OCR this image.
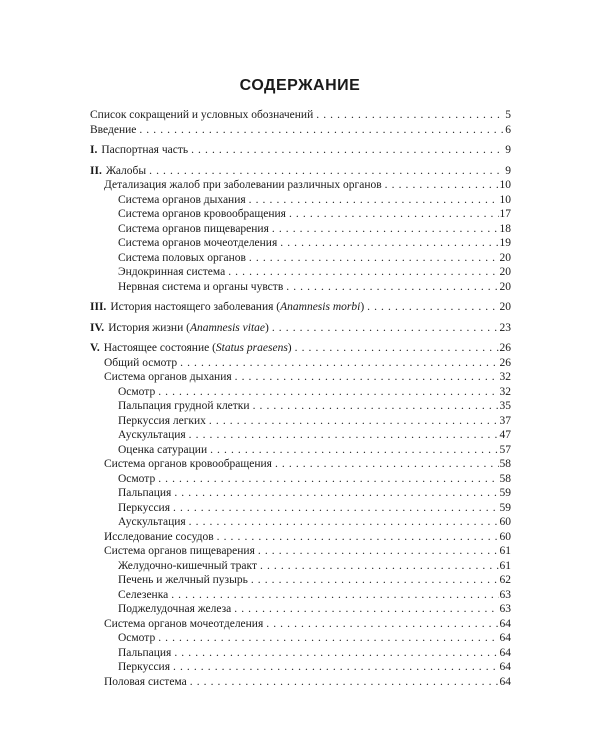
СОДЕРЖАНИЕ
Список сокращений и условных обозначений . . .	5
Введение . . .	6
I. Паспортная часть . . .	9
II. Жалобы . . .	9
Детализация жалоб при заболевании различных органов . . .	10
Система органов дыхания . . .	10
Система органов кровообращения . . .	17
Система органов пищеварения . . .	18
Система органов мочеотделения . . .	19
Система половых органов . . .	20
Эндокринная система . . .	20
Нервная система и органы чувств . . .	20
III. История настоящего заболевания (Anamnesis morbi) . . .	20
IV. История жизни (Anamnesis vitae) . . .	23
V. Настоящее состояние (Status praesens) . . .	26
Общий осмотр . . .	26
Система органов дыхания . . .	32
Осмотр . . .	32
Пальпация грудной клетки . . .	35
Перкуссия легких . . .	37
Аускультация . . .	47
Оценка сатурации . . .	57
Система органов кровообращения . . .	58
Осмотр . . .	58
Пальпация . . .	59
Перкуссия . . .	59
Аускультация . . .	60
Исследование сосудов . . .	60
Система органов пищеварения . . .	61
Желудочно-кишечный тракт . . .	61
Печень и желчный пузырь . . .	62
Селезенка . . .	63
Поджелудочная железа . . .	63
Система органов мочеотделения . . .	64
Осмотр . . .	64
Пальпация . . .	64
Перкуссия . . .	64
Половая система . . .	64
